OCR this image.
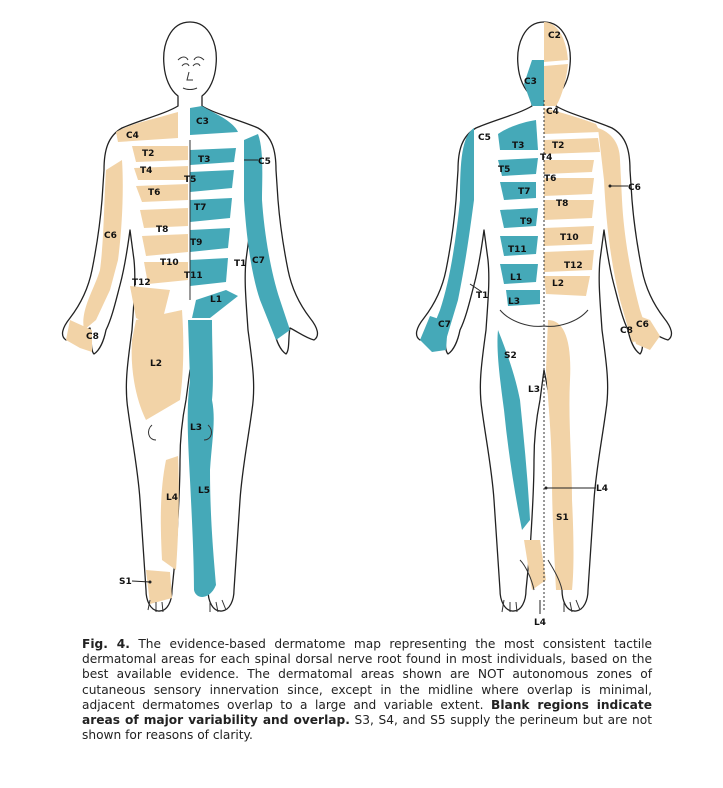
C3
C4
C5
C6
C7
C8
T1
T2
T3
T4
T5
T6
T7
T8
T9
T10
T11
T12
L1
L2
L3
L4
L5
S1
C2
C3
C4
C5
C6
C7
C8
C6
T1
T2
T3
T4
T5
T6
T7
T8
T9
T10
T11
T12
L1
L2
L3
L3
L4
L4
S1
S2
Fig. 4. The evidence-based dermatome map representing the most consistent tactile dermatomal areas for each spinal dorsal nerve root found in most individuals, based on the best available evidence. The dermatomal areas shown are NOT autonomous zones of cutaneous sensory innervation since, except in the midline where overlap is minimal, adjacent dermatomes overlap to a large and variable extent. Blank regions indicate areas of major variability and overlap. S3, S4, and S5 supply the perineum but are not shown for reasons of clarity.
